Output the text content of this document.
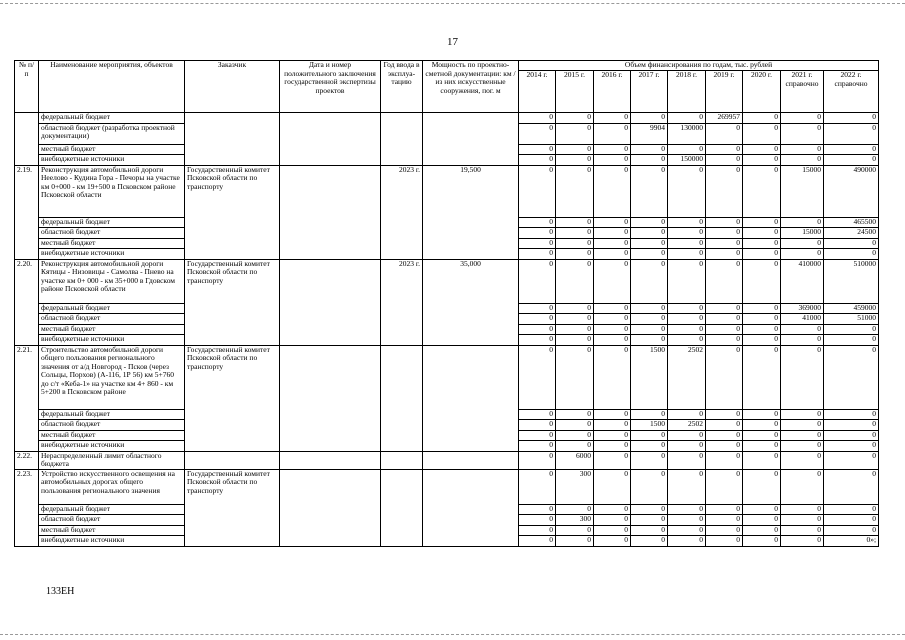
17
№ п/п	Наименование мероприятия, объектов	Заказчик	Дата и номер положительного заключения государственной экспертизы проектов	Год ввода в эксплуа-тацию	Мощность по проектно-сметной документации: км / из них искусственные сооружения, пог. м	Объем финансирования по годам, тыс. рублей								
						2014 г.	2015 г.	2016 г.	2017 г.	2018 г.	2019 г.	2020 г.	2021 г. справочно	2022 г. справочно
	федеральный бюджет					0	0	0	0	0	269957	0	0	0
	областной бюджет (разработка проектной документации)					0	0	0	9904	130000	0	0	0	0
	местный бюджет					0	0	0	0	0	0	0	0	0
	внебюджетные источники					0	0	0	0	150000	0	0	0	0
2.19.	Реконструкция автомобильной дороги Неелово - Кудина Гора - Печоры на участке км 0+000 - км 19+500 в Псковском районе Псковской области	Государственный комитет Псковской области по транспорту		2023 г.	19,500	0	0	0	0	0	0	0	15000	490000
	федеральный бюджет					0	0	0	0	0	0	0	0	465500
	областной бюджет					0	0	0	0	0	0	0	15000	24500
	местный бюджет					0	0	0	0	0	0	0	0	0
	внебюджетные источники					0	0	0	0	0	0	0	0	0
2.20.	Реконструкция автомобильной дороги Кятицы - Низовицы - Самолва - Пнево на участке км 0+ 000 - км 35+000 в Гдовском районе Псковской области	Государственный комитет Псковской области по транспорту		2023 г.	35,000	0	0	0	0	0	0	0	410000	510000
	федеральный бюджет					0	0	0	0	0	0	0	369000	459000
	областной бюджет					0	0	0	0	0	0	0	41000	51000
	местный бюджет					0	0	0	0	0	0	0	0	0
	внебюджетные источники					0	0	0	0	0	0	0	0	0
2.21.	Строительство автомобильной дороги общего пользования регионального значения от а/д Новгород - Псков (через Сольцы, Порхов) (А-116, 1Р 56) км 5+760 до с/т «Кеба-1» на участке км 4+ 860 - км 5+200 в Псковском районе	Государственный комитет Псковской области по транспорту				0	0	0	1500	2502	0	0	0	0
	федеральный бюджет					0	0	0	0	0	0	0	0	0
	областной бюджет					0	0	0	1500	2502	0	0	0	0
	местный бюджет					0	0	0	0	0	0	0	0	0
	внебюджетные источники					0	0	0	0	0	0	0	0	0
2.22.	Нераспределенный лимит областного бюджета					0	6000	0	0	0	0	0	0	0
2.23.	Устройство искусственного освещения на автомобильных дорогах общего пользования регионального значения	Государственный комитет Псковской области по транспорту				0	300	0	0	0	0	0	0	0
	федеральный бюджет					0	0	0	0	0	0	0	0	0
	областной бюджет					0	300	0	0	0	0	0	0	0
	местный бюджет					0	0	0	0	0	0	0	0	0
	внебюджетные источники					0	0	0	0	0	0	0	0	0»;
133EH
